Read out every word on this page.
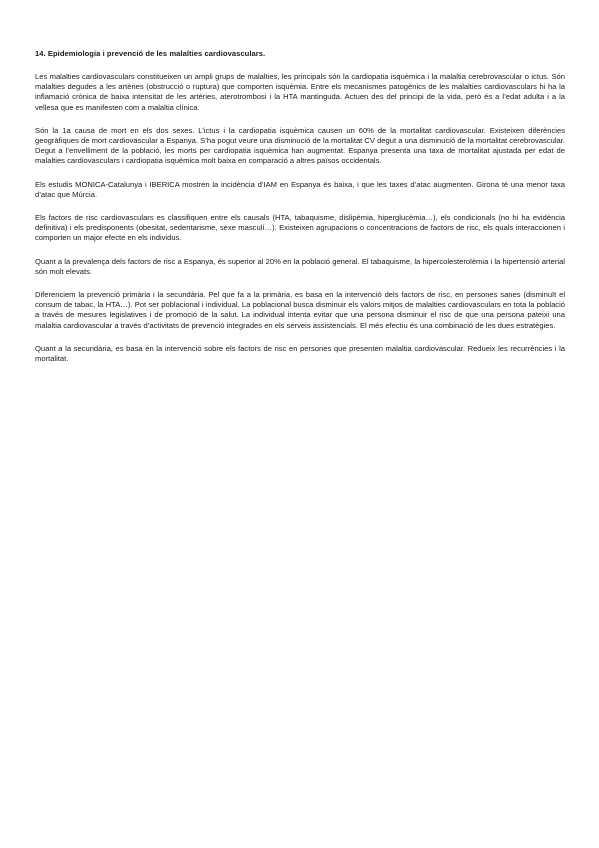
14. Epidemiologia i prevenció de les malalties cardiovasculars.

Les malalties cardiovasculars constitueixen un ampli grups de malalties, les principals són la cardiopatia isquèmica i la malaltia cerebrovascular o ictus. Són malalties degudes a les artèries (obstrucció o ruptura) que comporten isquèmia. Entre els mecanismes patogènics de les malalties cardiovasculars hi ha la inflamació crònica de baixa intensitat de les artèries, aterotrombosi i la HTA mantinguda. Actuen des del principi de la vida, però és a l’edat adulta i a la vellesa que es manifesten com a malaltia clínica.

Són la 1a causa de mort en els dos sexes. L’ictus i la cardiopatia isquèmica causen un 60% de la mortalitat cardiovascular. Existeixen diferències geogràfiques de mort cardiovascular a Espanya. S’ha pogut veure una disminució de la mortalitat CV degut a una disminució de la mortalitat cerebrovascular. Degut a l’envelliment de la població, les morts per cardiopatia isquèmica han augmentat. Espanya presenta una taxa de mortalitat ajustada per edat de malalties cardiovasculars i cardiopatia isquèmica molt baixa en comparació a altres països occidentals.

Els estudis MONICA-Catalunya i IBERICA mostren la incidència d’IAM en Espanya és baixa, i que les taxes d’atac augmenten. Girona té una menor taxa d’atac que Múrcia.

Els factors de risc cardiovasculars es classifiquen entre els causals (HTA, tabaquisme, dislipèmia, hiperglucèmia…), els condicionals (no hi ha evidència definitiva) i els predisponents (obesitat, sedentarisme, sexe masculí…). Existeixen agrupacions o concentracions de factors de risc, els quals interaccionen i comporten un major efecte en els individus.

Quant a la prevalença dels factors de risc a Espanya, és superior al 20% en la població general. El tabaquisme, la hipercolesterolèmia i la hipertensió arterial són molt elevats.

Diferenciem la prevenció primària i la secundària. Pel que fa a la primària, es basa en la intervenció dels factors de risc, en persones sanes (disminuït el consum de tabac, la HTA…). Pot ser poblacional i individual. La poblacional busca disminuir els valors mitjos de malalties cardiovasculars en tota la població a través de mesures legislatives i de promoció de la salut. La individual intenta evitar que una persona disminuir el risc de que una persona pateixi una malaltia cardiovascular a través d’activitats de prevenció integrades en els serveis assistencials. El més efectiu és una combinació de les dues estratègies.

Quant a la secundària, es basa en la intervenció sobre els factors de risc en persones que presenten malaltia cardiovascular. Redueix les recurrències i la mortalitat.
